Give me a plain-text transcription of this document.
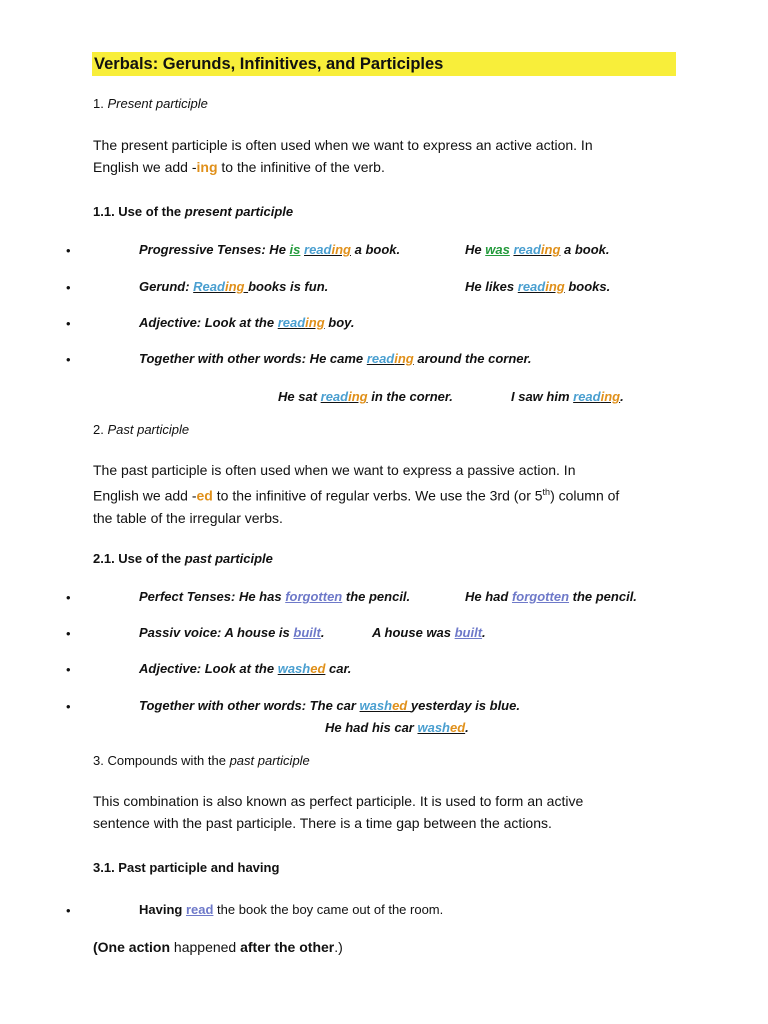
Verbals: Gerunds, Infinitives, and Participles
1. Present participle
The present participle is often used when we want to express an active action. In
English we add -ing to the infinitive of the verb.
1.1. Use of the present participle
•
Progressive Tenses: He is reading a book.	He was reading a book.
•
Gerund: Reading books is fun.	He likes reading books.
•
Adjective: Look at the reading boy.
•
Together with other words: He came reading around the corner.
He sat reading in the corner.	I saw him reading.
2. Past participle
The past participle is often used when we want to express a passive action. In
English we add -ed to the infinitive of regular verbs. We use the 3rd (or 5th) column of
the table of the irregular verbs.
2.1. Use of the past participle
•
Perfect Tenses: He has forgotten the pencil.	He had forgotten the pencil.
•
Passiv voice: A house is built.	A house was built.
•
Adjective: Look at the washed car.
•
Together with other words: The car washed yesterday is blue.
He had his car washed.
3. Compounds with the past participle
This combination is also known as perfect participle. It is used to form an active
sentence with the past participle. There is a time gap between the actions.
3.1. Past participle and having
•
Having read the book the boy came out of the room.
(One action happened after the other.)
